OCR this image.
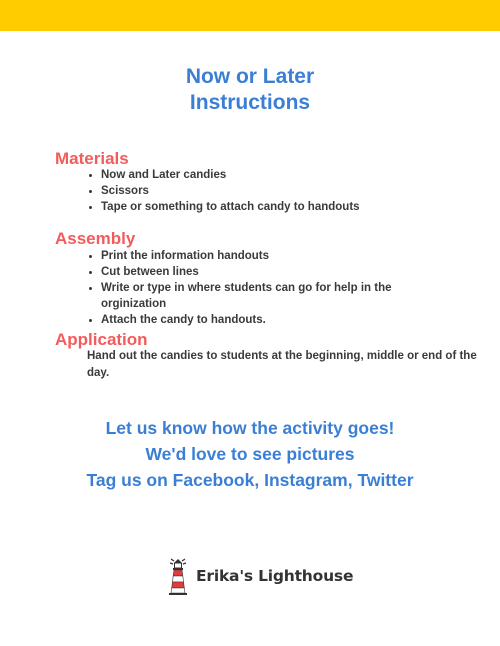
Now or Later
Instructions
Materials
• Now and Later candies
• Scissors
• Tape or something to attach candy to handouts
Assembly
• Print the information handouts
• Cut between lines
• Write or type in where students can go for help in the orginization
• Attach the candy to handouts.
Application
Hand out the candies to students at the beginning, middle or end of the day.
Let us know how the activity goes!
We'd love to see pictures
Tag us on Facebook, Instagram, Twitter
Erika's Lighthouse
